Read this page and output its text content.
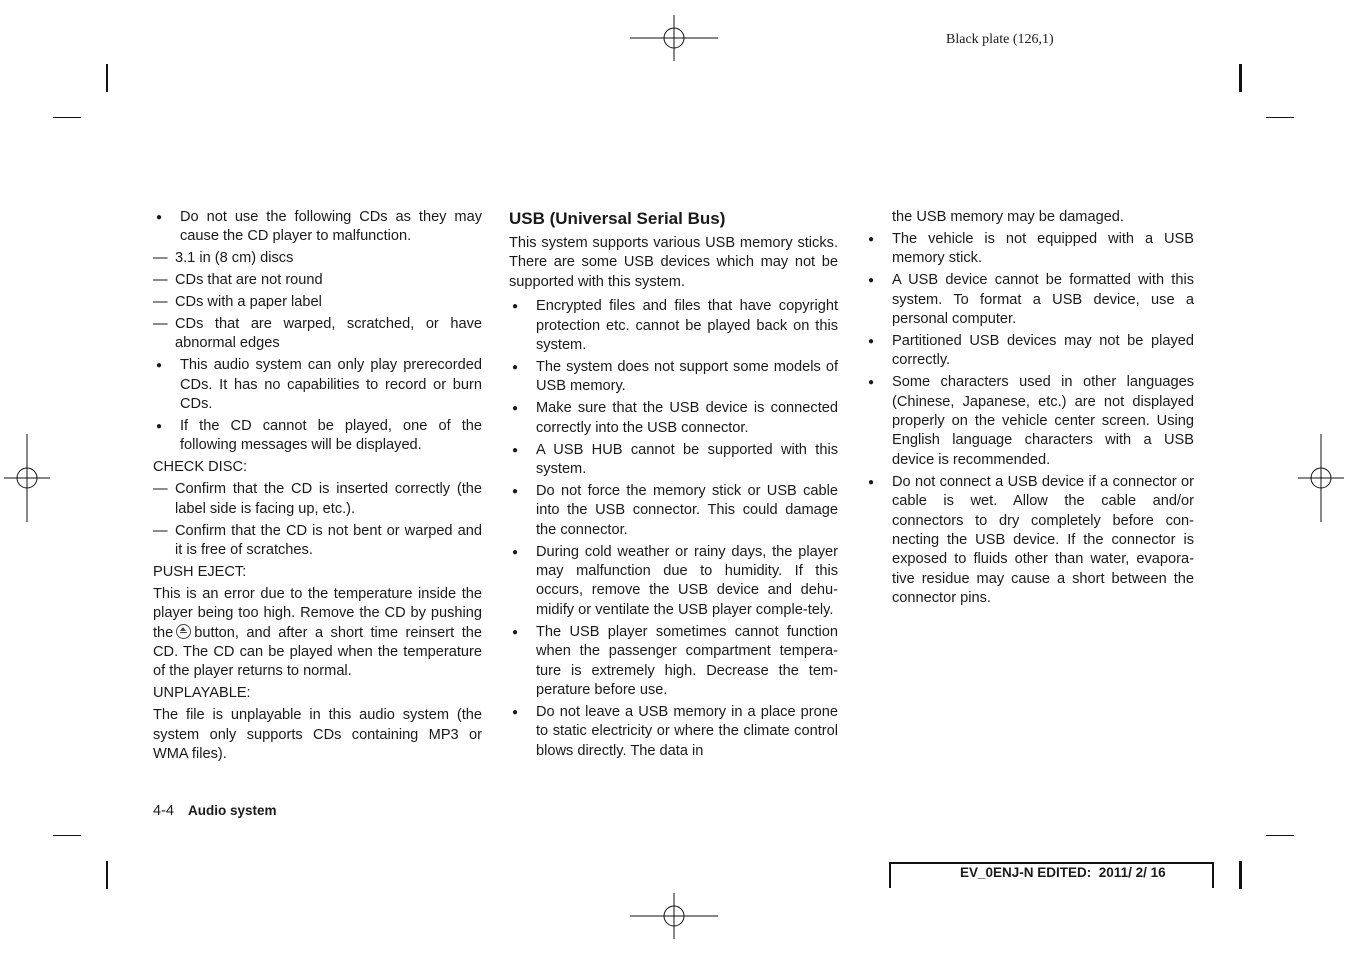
Black plate (126,1)

● Do not use the following CDs as they may cause the CD player to malfunction.

— 3.1 in (8 cm) discs

— CDs that are not round

— CDs with a paper label

— CDs that are warped, scratched, or have abnormal edges

● This audio system can only play prerecorded CDs. It has no capabilities to record or burn CDs.

● If the CD cannot be played, one of the following messages will be displayed.

CHECK DISC:

— Confirm that the CD is inserted correctly (the label side is facing up, etc.).

— Confirm that the CD is not bent or warped and it is free of scratches.

PUSH EJECT:

This is an error due to the temperature inside the player being too high. Remove the CD by pushing the button, and after a short time reinsert the CD. The CD can be played when the temperature of the player returns to normal.

UNPLAYABLE:

The file is unplayable in this audio system (the system only supports CDs containing MP3 or WMA files).

USB (Universal Serial Bus)

This system supports various USB memory sticks. There are some USB devices which may not be supported with this system.

● Encrypted files and files that have copyright protection etc. cannot be played back on this system.

● The system does not support some models of USB memory.

● Make sure that the USB device is connected correctly into the USB connector.

● A USB HUB cannot be supported with this system.

● Do not force the memory stick or USB cable into the USB connector. This could damage the connector.

● During cold weather or rainy days, the player may malfunction due to humidity. If this occurs, remove the USB device and dehu-midify or ventilate the USB player comple-tely.

● The USB player sometimes cannot function when the passenger compartment tempera-ture is extremely high. Decrease the tem-perature before use.

● Do not leave a USB memory in a place prone to static electricity or where the climate control blows directly. The data in

the USB memory may be damaged.

● The vehicle is not equipped with a USB memory stick.

● A USB device cannot be formatted with this system. To format a USB device, use a personal computer.

● Partitioned USB devices may not be played correctly.

● Some characters used in other languages (Chinese, Japanese, etc.) are not displayed properly on the vehicle center screen. Using English language characters with a USB device is recommended.

● Do not connect a USB device if a connector or cable is wet. Allow the cable and/or connectors to dry completely before con-necting the USB device. If the connector is exposed to fluids other than water, evapora-tive residue may cause a short between the connector pins.

4-4 Audio system
EV_0ENJ-N EDITED:  2011/ 2/ 16
